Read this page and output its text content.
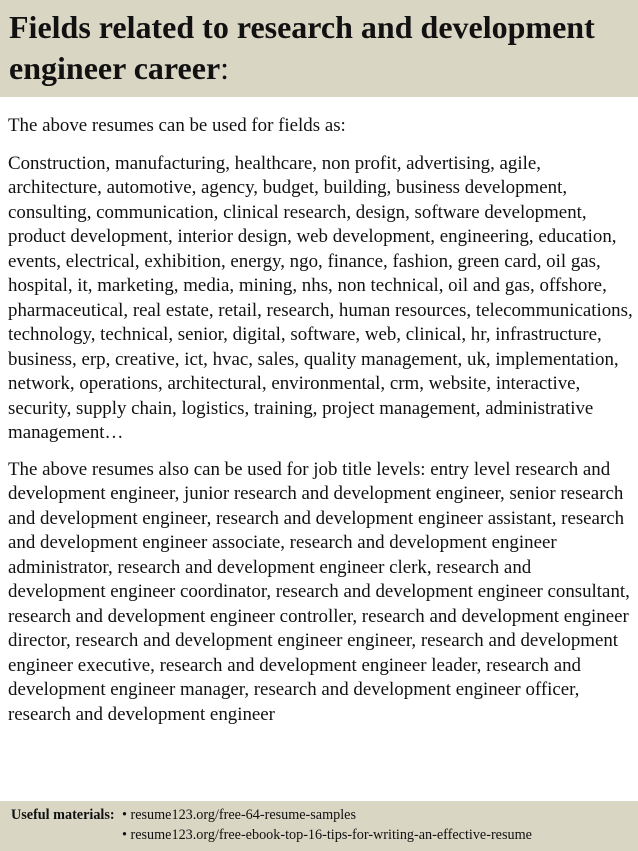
Fields related to research and development engineer career:

The above resumes can be used for fields as:

Construction, manufacturing, healthcare, non profit, advertising, agile, architecture, automotive, agency, budget, building, business development, consulting, communication, clinical research, design, software development, product development, interior design, web development, engineering, education, events, electrical, exhibition, energy, ngo, finance, fashion, green card, oil gas, hospital, it, marketing, media, mining, nhs, non technical, oil and gas, offshore, pharmaceutical, real estate, retail, research, human resources, telecommunications, technology, technical, senior, digital, software, web, clinical, hr, infrastructure, business, erp, creative, ict, hvac, sales, quality management, uk, implementation, network, operations, architectural, environmental, crm, website, interactive, security, supply chain, logistics, training, project management, administrative management…

The above resumes also can be used for job title levels: entry level research and development engineer, junior research and development engineer, senior research and development engineer, research and development engineer assistant, research and development engineer associate, research and development engineer administrator, research and development engineer clerk, research and development engineer coordinator, research and development engineer consultant, research and development engineer controller, research and development engineer director, research and development engineer engineer, research and development engineer executive, research and development engineer leader, research and development engineer manager, research and development engineer officer, research and development engineer

Useful materials: • resume123.org/free-64-resume-samples
• resume123.org/free-ebook-top-16-tips-for-writing-an-effective-resume
